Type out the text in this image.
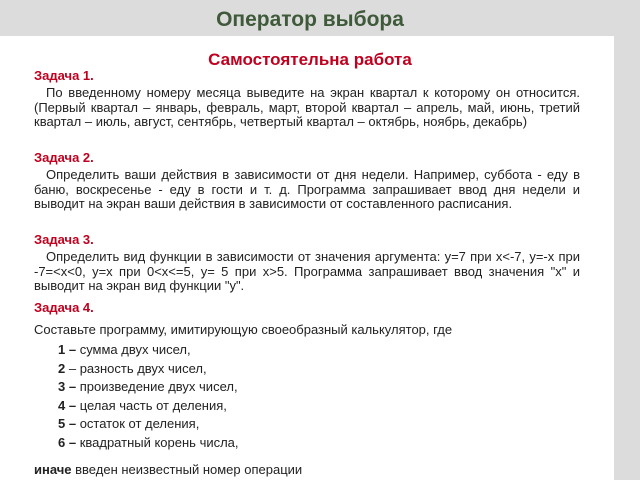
Оператор выбора
Самостоятельна работа
Задача 1.
По введенному номеру месяца выведите на экран квартал к которому он относится. (Первый квартал – январь, февраль, март, второй квартал – апрель, май, июнь, третий квартал – июль, август, сентябрь, четвертый квартал – октябрь, ноябрь, декабрь)
Задача 2.
Определить ваши действия в зависимости от дня недели. Например, суббота - еду в баню, воскресенье - еду в гости и т. д. Программа запрашивает ввод дня недели и выводит на экран ваши действия в зависимости от составленного расписания.
Задача 3.
Определить вид функции в зависимости от значения аргумента: y=7 при x<-7, y=-x при -7=<x<0, y=x при 0<x<=5, y= 5 при x>5. Программа запрашивает ввод значения "x" и выводит на экран вид функции "y".
Задача 4.
Составьте программу, имитирующую своеобразный калькулятор, где
1 – сумма двух чисел,
2 – разность двух чисел,
3 – произведение двух чисел,
4 – целая часть от деления,
5 – остаток от деления,
6 – квадратный корень числа,
иначе введен неизвестный номер операции
